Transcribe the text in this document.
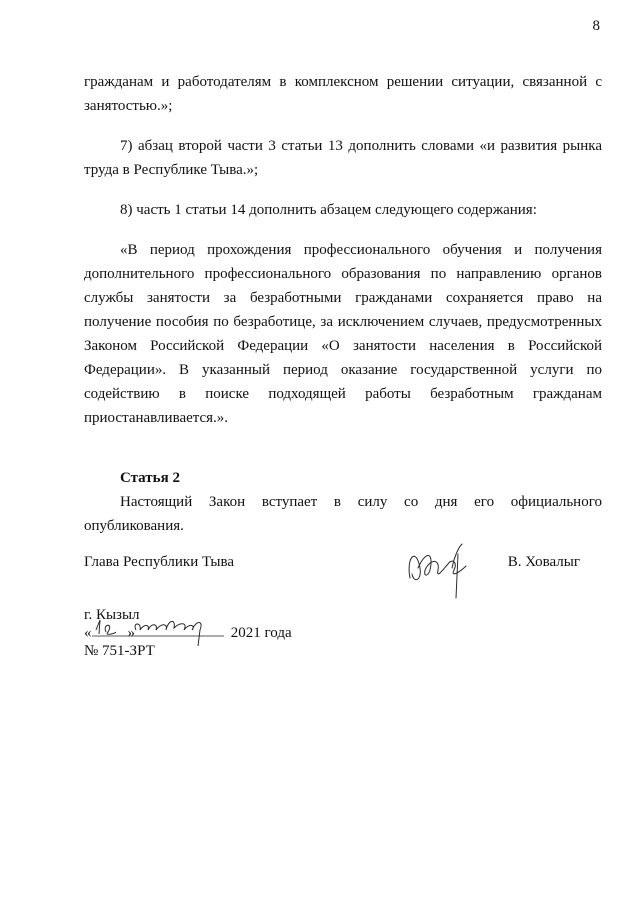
8

гражданам и работодателям в комплексном решении ситуации, связанной с занятостью.»;

7) абзац второй части 3 статьи 13 дополнить словами «и развития рынка труда в Республике Тыва.»;

8) часть 1 статьи 14 дополнить абзацем следующего содержания:

«В период прохождения профессионального обучения и получения дополнительного профессионального образования по направлению органов службы занятости за безработными гражданами сохраняется право на получение пособия по безработице, за исключением случаев, предусмотренных Законом Российской Федерации «О занятости населения в Российской Федерации». В указанный период оказание государственной услуги по содействию в поиске подходящей работы безработным гражданам приостанавливается.».

Статья 2

Настоящий Закон вступает в силу со дня его официального опубликования.

Глава Республики Тыва	В. Ховалыг
г. Кызыл
« »	2021 года
№ 751-ЗРТ
